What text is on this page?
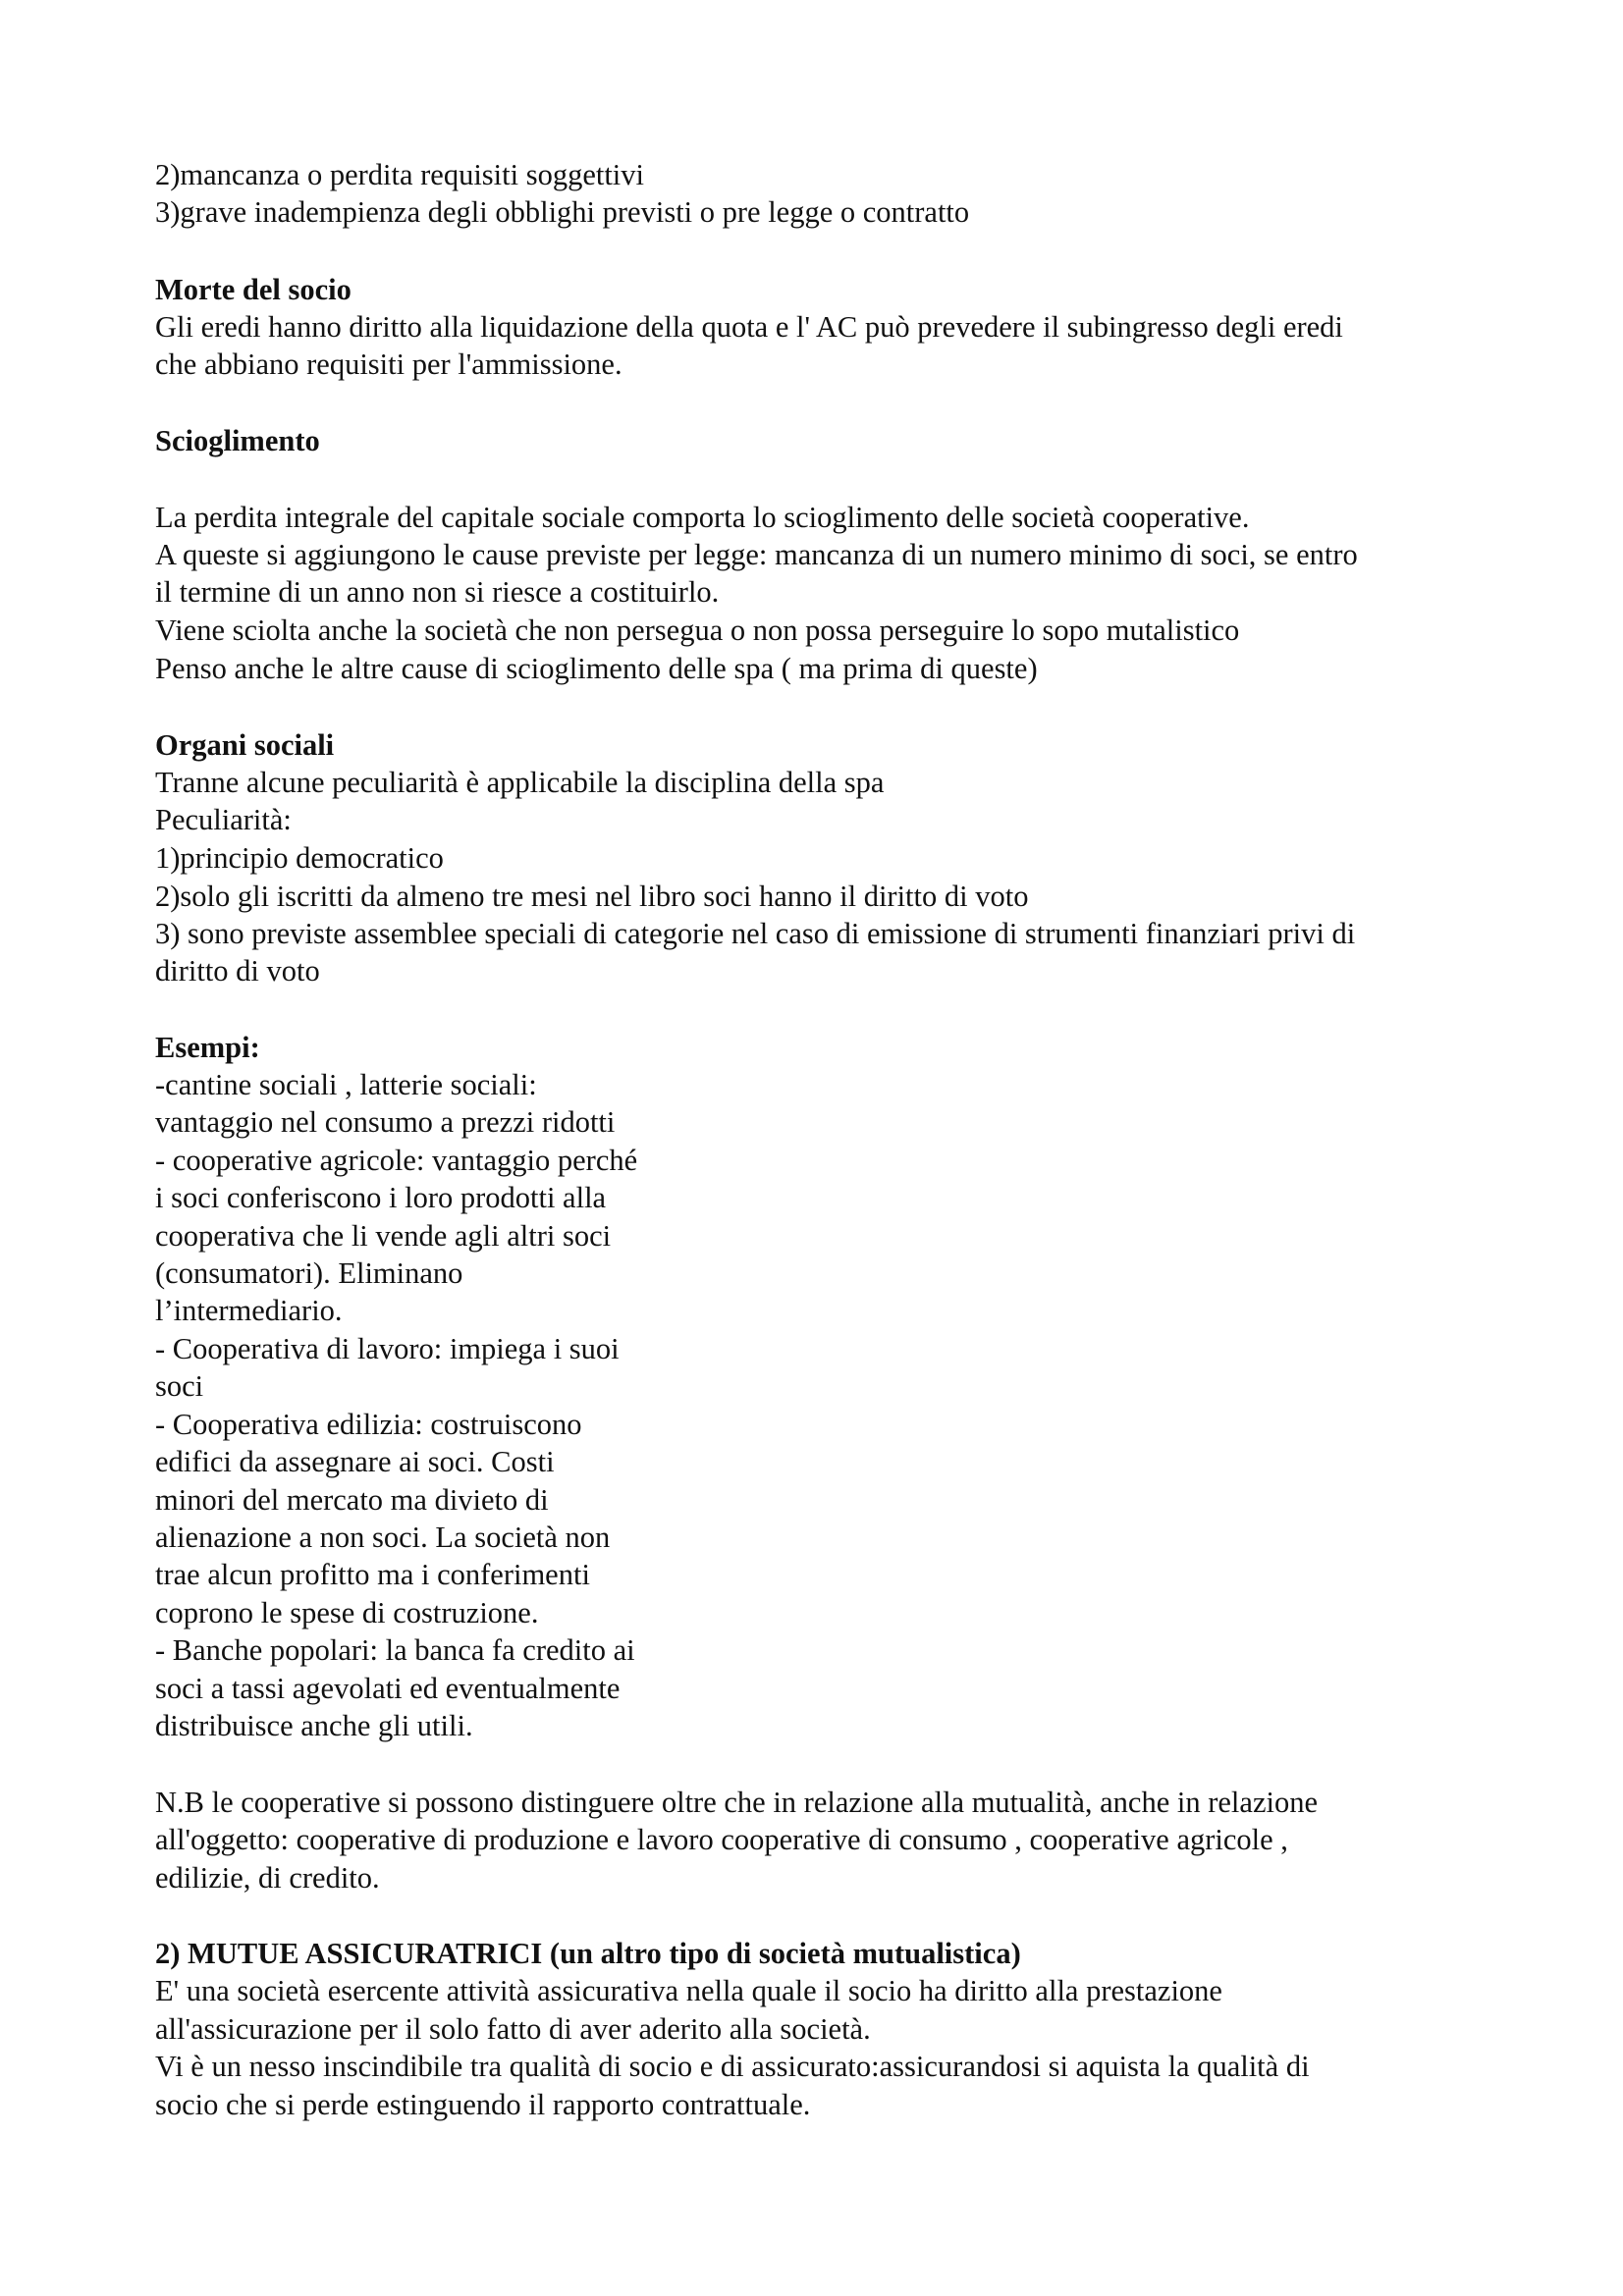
2)mancanza o perdita requisiti soggettivi
3)grave inadempienza degli obblighi previsti o pre legge o contratto
Morte del socio
Gli eredi hanno diritto alla liquidazione della quota e l' AC può prevedere il subingresso degli eredi
che abbiano requisiti per l'ammissione.
Scioglimento
La perdita integrale del capitale sociale comporta lo scioglimento delle società cooperative.
A queste si aggiungono le cause previste per legge: mancanza di un numero minimo di soci, se entro
il termine di un anno non si riesce a costituirlo.
Viene sciolta anche la società che non persegua o non possa perseguire lo sopo mutalistico
Penso anche le altre cause di scioglimento delle spa ( ma prima di queste)
Organi sociali
Tranne alcune peculiarità è applicabile la disciplina della spa
Peculiarità:
1)principio democratico
2)solo gli iscritti da almeno tre mesi nel libro soci hanno il diritto di voto
3) sono previste assemblee speciali di categorie nel caso di emissione di strumenti finanziari privi di
diritto di voto
Esempi:
-cantine sociali , latterie sociali:
vantaggio nel consumo a prezzi ridotti
- cooperative agricole: vantaggio perché
i soci conferiscono i loro prodotti alla
cooperativa che li vende agli altri soci
(consumatori). Eliminano
l’intermediario.
- Cooperativa di lavoro: impiega i suoi
soci
- Cooperativa edilizia: costruiscono
edifici da assegnare ai soci. Costi
minori del mercato ma divieto di
alienazione a non soci. La società non
trae alcun profitto ma i conferimenti
coprono le spese di costruzione.
- Banche popolari: la banca fa credito ai
soci a tassi agevolati ed eventualmente
distribuisce anche gli utili.
N.B le cooperative si possono distinguere oltre che in relazione alla mutualità, anche in relazione
all'oggetto: cooperative di produzione e lavoro cooperative di consumo , cooperative agricole ,
edilizie, di credito.
2) MUTUE ASSICURATRICI (un altro tipo di società mutualistica)
E' una società esercente attività assicurativa nella quale il socio ha diritto alla prestazione
all'assicurazione per il solo fatto di aver aderito alla società.
Vi è un nesso inscindibile tra qualità di socio e di assicurato:assicurandosi si aquista la qualità di
socio che si perde estinguendo il rapporto contrattuale.
